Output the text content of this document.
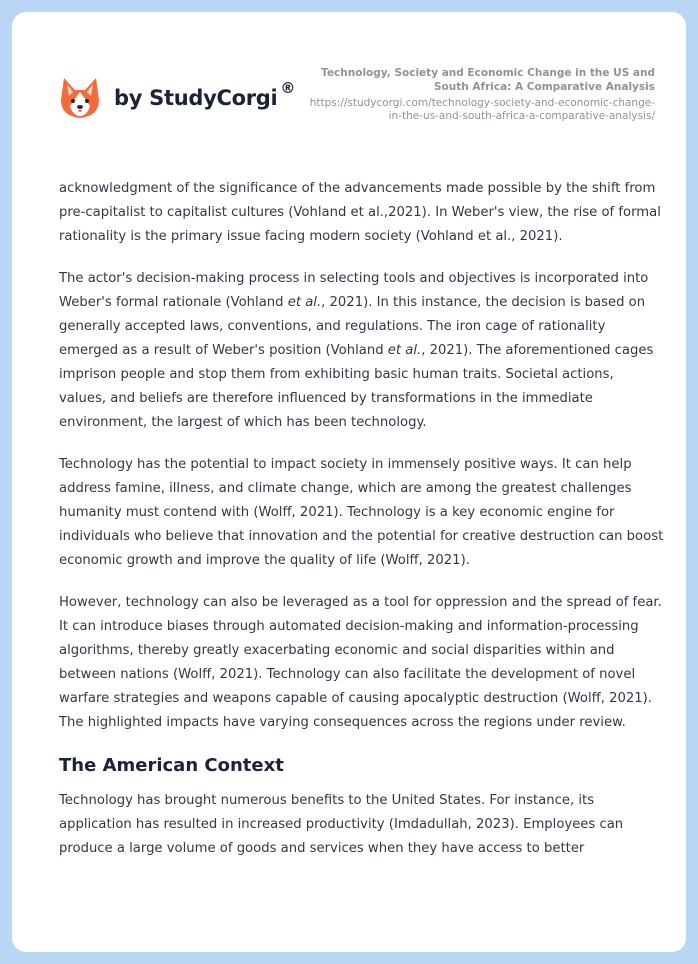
by StudyCorgi ®
Technology, Society and Economic Change in the US and South Africa: A Comparative Analysis
https://studycorgi.com/technology-society-and-economic-change-in-the-us-and-south-africa-a-comparative-analysis/

acknowledgment of the significance of the advancements made possible by the shift from pre-capitalist to capitalist cultures (Vohland et al.,2021). In Weber's view, the rise of formal rationality is the primary issue facing modern society (Vohland et al., 2021).

The actor's decision-making process in selecting tools and objectives is incorporated into Weber's formal rationale (Vohland et al., 2021). In this instance, the decision is based on generally accepted laws, conventions, and regulations. The iron cage of rationality emerged as a result of Weber's position (Vohland et al., 2021). The aforementioned cages imprison people and stop them from exhibiting basic human traits. Societal actions, values, and beliefs are therefore influenced by transformations in the immediate environment, the largest of which has been technology.

Technology has the potential to impact society in immensely positive ways. It can help address famine, illness, and climate change, which are among the greatest challenges humanity must contend with (Wolff, 2021). Technology is a key economic engine for individuals who believe that innovation and the potential for creative destruction can boost economic growth and improve the quality of life (Wolff, 2021).

However, technology can also be leveraged as a tool for oppression and the spread of fear. It can introduce biases through automated decision-making and information-processing algorithms, thereby greatly exacerbating economic and social disparities within and between nations (Wolff, 2021). Technology can also facilitate the development of novel warfare strategies and weapons capable of causing apocalyptic destruction (Wolff, 2021). The highlighted impacts have varying consequences across the regions under review.

The American Context

Technology has brought numerous benefits to the United States. For instance, its application has resulted in increased productivity (Imdadullah, 2023). Employees can produce a large volume of goods and services when they have access to better
